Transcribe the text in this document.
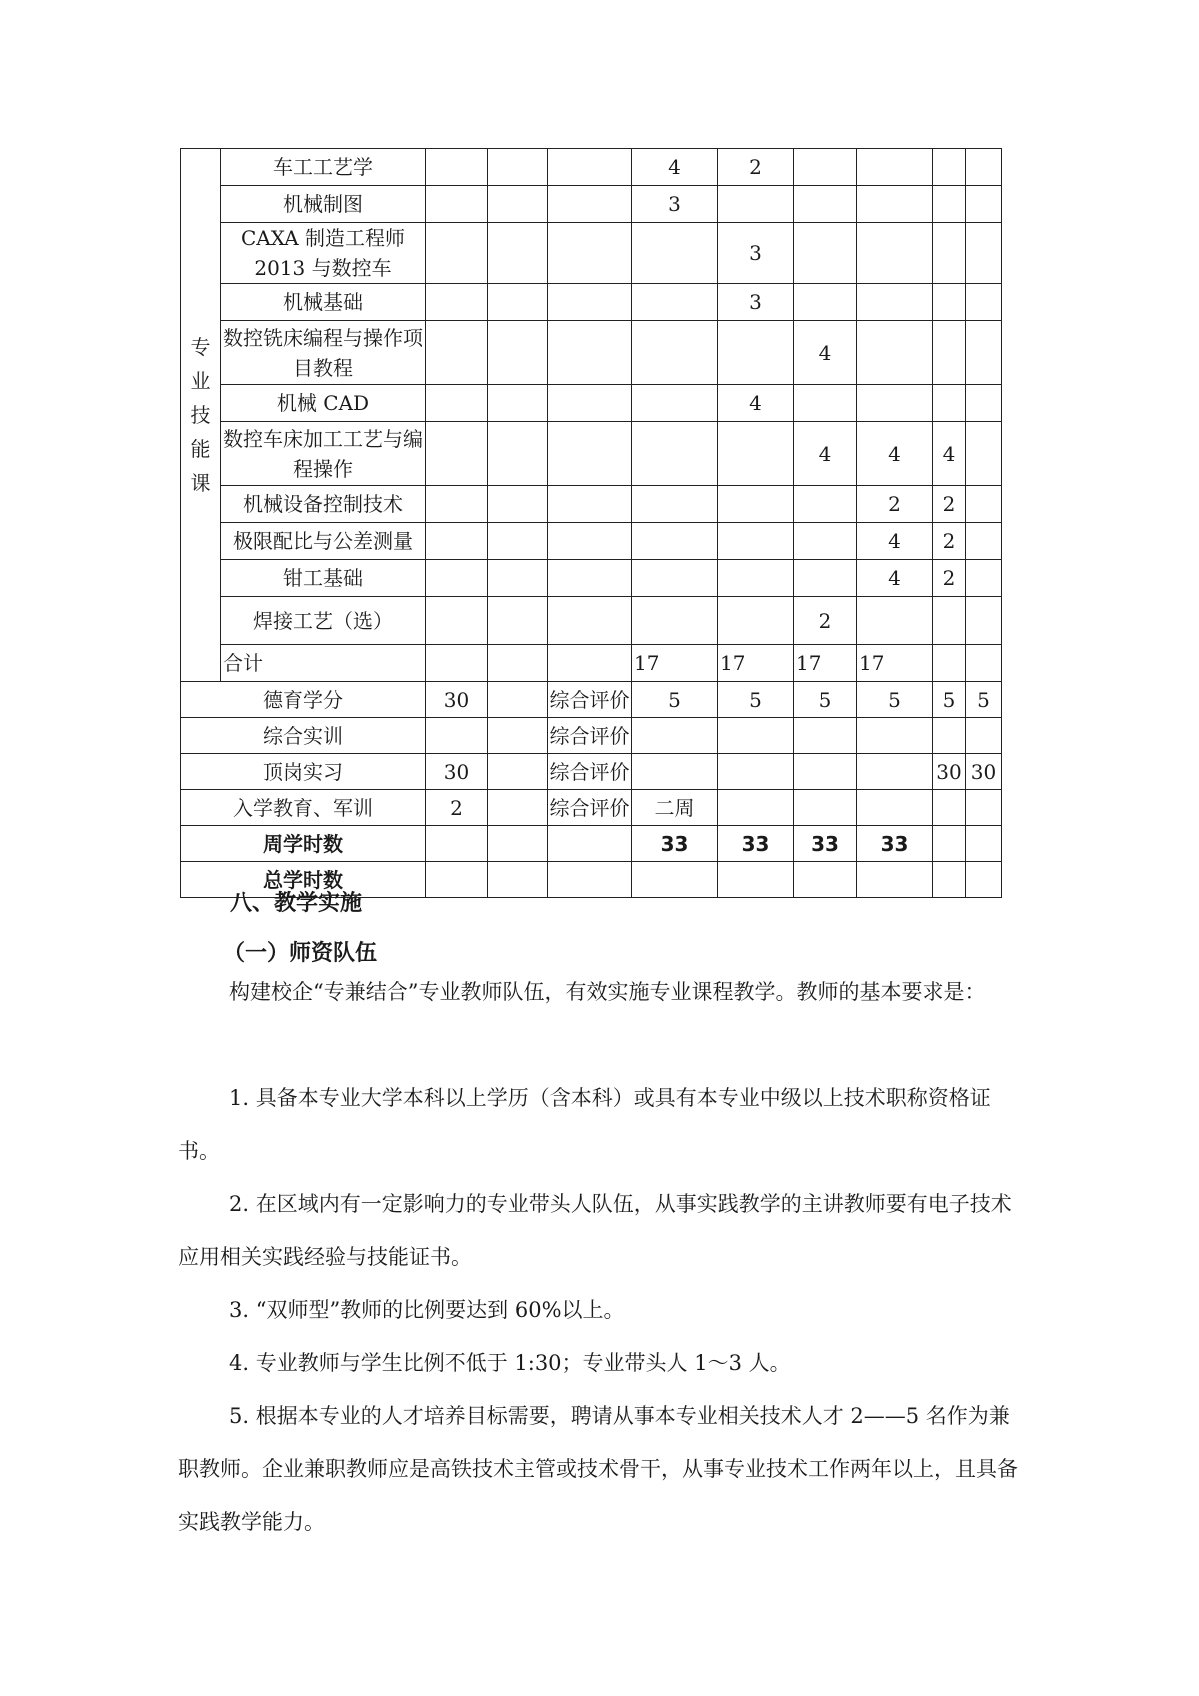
专业
技能
课	车工工艺学				4	2				
	机械制图				3					
	CAXA 制造工程师 2013 与数控车					3				
	机械基础					3				
	数控铣床编程与操作项目教程						4			
	机械 CAD					4				
	数控车床加工工艺与编程操作						4	4	4	
	机械设备控制技术							2	2	
	极限配比与公差测量							4	2	
	钳工基础							4	2	
	焊接工艺（选）						2			
	合计				17	17	17	17		
德育学分		30		综合评价	5	5	5	5	5	5
综合实训				综合评价						
顶岗实习		30		综合评价					30	30
入学教育、军训		2		综合评价	二周					
周学时数					33	33	33	33		
总学时数										
八、教学实施
（一）师资队伍

构建校企“专兼结合”专业教师队伍，有效实施专业课程教学。教师的基本要求是：

1. 具备本专业大学本科以上学历（含本科）或具有本专业中级以上技术职称资格证书。

2. 在区域内有一定影响力的专业带头人队伍，从事实践教学的主讲教师要有电子技术应用相关实践经验与技能证书。

3. “双师型”教师的比例要达到 60%以上。

4. 专业教师与学生比例不低于 1:30；专业带头人 1～3 人。

5. 根据本专业的人才培养目标需要，聘请从事本专业相关技术人才 2——5 名作为兼职教师。企业兼职教师应是高铁技术主管或技术骨干，从事专业技术工作两年以上，且具备实践教学能力。
